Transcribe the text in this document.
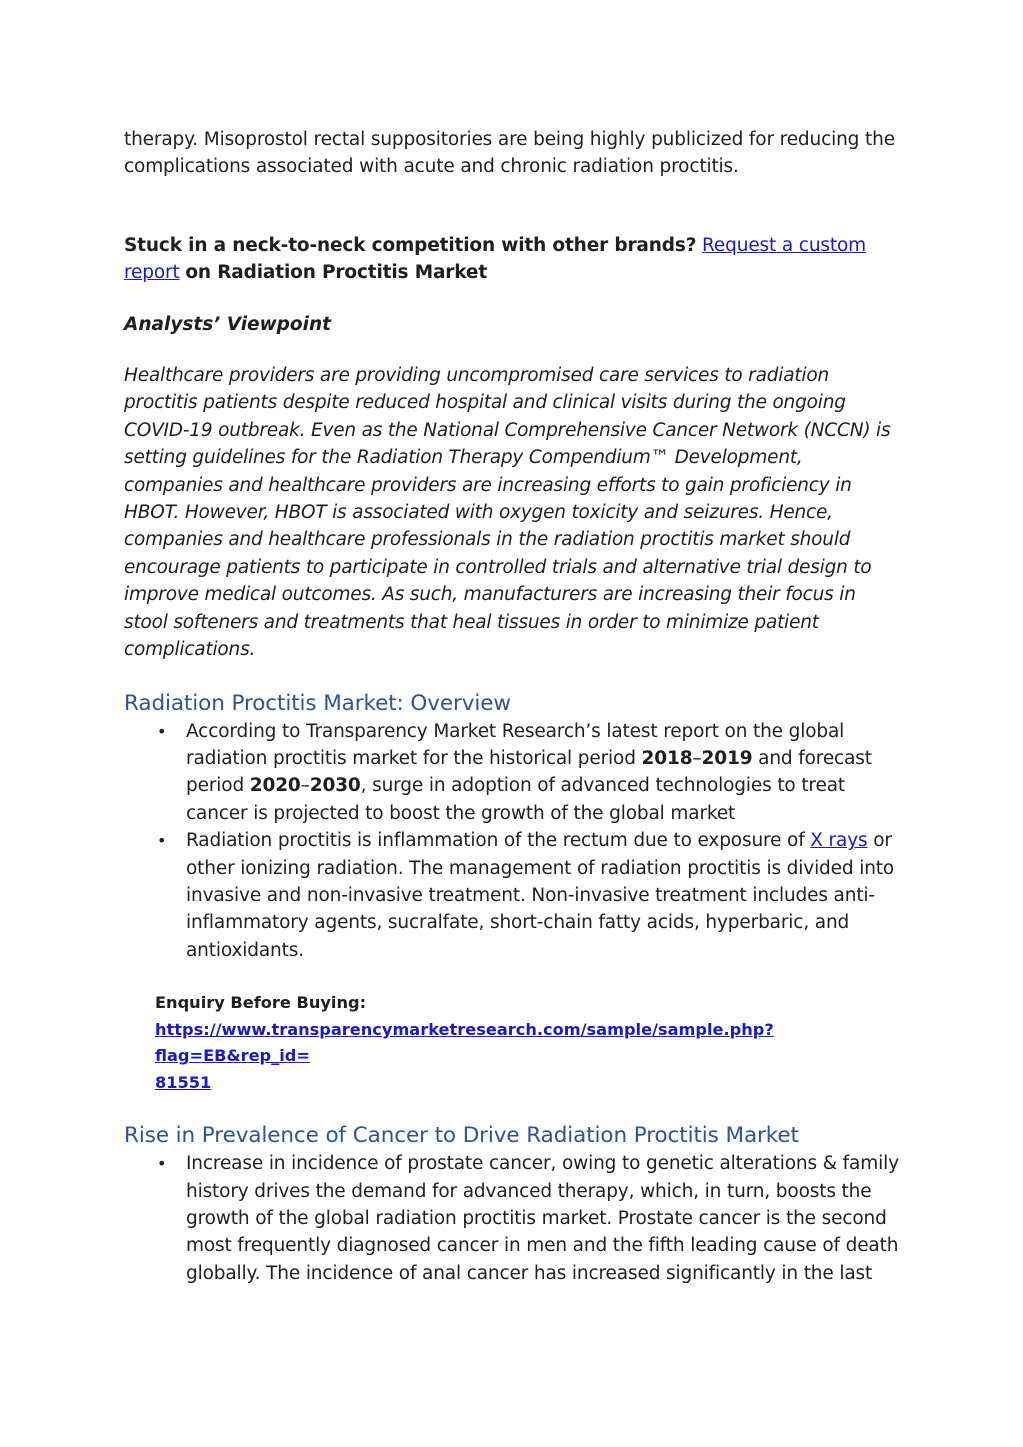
therapy. Misoprostol rectal suppositories are being highly publicized for reducing the complications associated with acute and chronic radiation proctitis.

Stuck in a neck-to-neck competition with other brands? Request a custom report on Radiation Proctitis Market

Analysts’ Viewpoint

Healthcare providers are providing uncompromised care services to radiation proctitis patients despite reduced hospital and clinical visits during the ongoing COVID-19 outbreak. Even as the National Comprehensive Cancer Network (NCCN) is setting guidelines for the Radiation Therapy Compendium™ Development, companies and healthcare providers are increasing efforts to gain proficiency in HBOT. However, HBOT is associated with oxygen toxicity and seizures. Hence, companies and healthcare professionals in the radiation proctitis market should encourage patients to participate in controlled trials and alternative trial design to improve medical outcomes. As such, manufacturers are increasing their focus in stool softeners and treatments that heal tissues in order to minimize patient complications.

Radiation Proctitis Market: Overview
• According to Transparency Market Research’s latest report on the global radiation proctitis market for the historical period 2018–2019 and forecast period 2020–2030, surge in adoption of advanced technologies to treat cancer is projected to boost the growth of the global market
• Radiation proctitis is inflammation of the rectum due to exposure of X rays or other ionizing radiation. The management of radiation proctitis is divided into invasive and non-invasive treatment. Non-invasive treatment includes anti-inflammatory agents, sucralfate, short-chain fatty acids, hyperbaric, and antioxidants.
Enquiry Before Buying:
https://www.transparencymarketresearch.com/sample/sample.php?flag=EB&rep_id=
81551
Rise in Prevalence of Cancer to Drive Radiation Proctitis Market
• Increase in incidence of prostate cancer, owing to genetic alterations & family history drives the demand for advanced therapy, which, in turn, boosts the growth of the global radiation proctitis market. Prostate cancer is the second most frequently diagnosed cancer in men and the fifth leading cause of death globally. The incidence of anal cancer has increased significantly in the last
